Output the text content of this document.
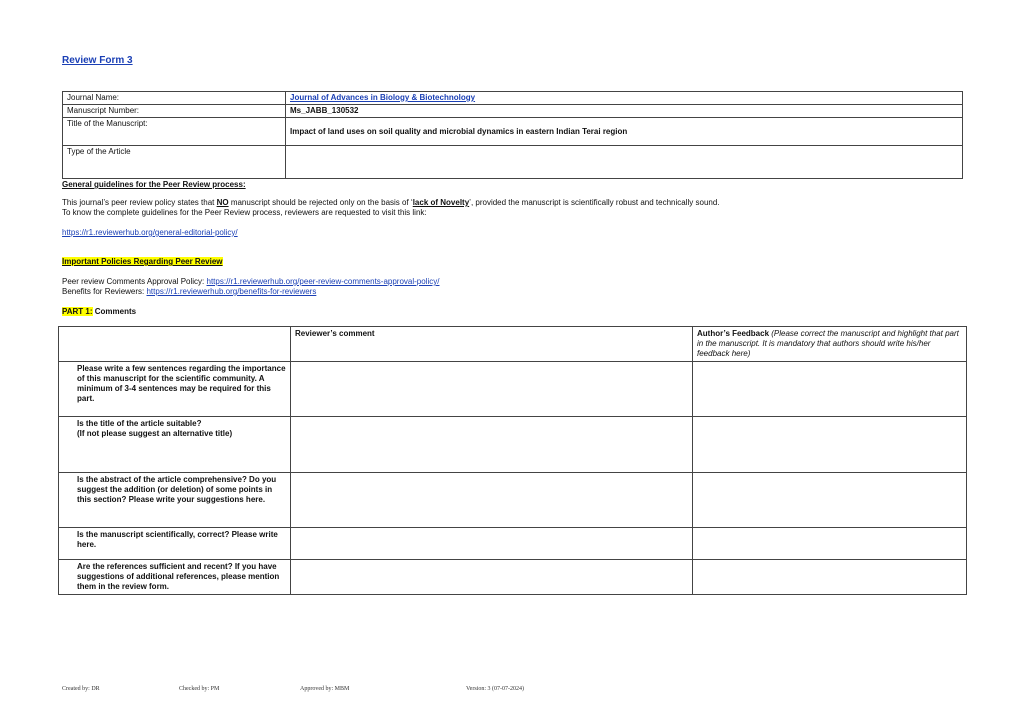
Review Form 3
Journal Name:	Journal of Advances in Biology & Biotechnology
Manuscript Number:	Ms_JABB_130532
Title of the Manuscript:	Impact of land uses on soil quality and microbial dynamics in eastern Indian Terai region
Type of the Article	
General guidelines for the Peer Review process:
This journal’s peer review policy states that NO manuscript should be rejected only on the basis of ‘lack of Novelty’, provided the manuscript is scientifically robust and technically sound.
To know the complete guidelines for the Peer Review process, reviewers are requested to visit this link:
https://r1.reviewerhub.org/general-editorial-policy/
Important Policies Regarding Peer Review
Peer review Comments Approval Policy: https://r1.reviewerhub.org/peer-review-comments-approval-policy/
Benefits for Reviewers: https://r1.reviewerhub.org/benefits-for-reviewers
PART 1: Comments
	Reviewer’s comment	Author’s Feedback (Please correct the manuscript and highlight that part in the manuscript. It is mandatory that authors should write his/her feedback here)
Please write a few sentences regarding the importance of this manuscript for the scientific community. A minimum of 3-4 sentences may be required for this part.		
Is the title of the article suitable?
(If not please suggest an alternative title)		
Is the abstract of the article comprehensive? Do you suggest the addition (or deletion) of some points in this section? Please write your suggestions here.		
Is the manuscript scientifically, correct? Please write here.		
Are the references sufficient and recent? If you have suggestions of additional references, please mention them in the review form.		
Created by: DR	Checked by: PM	Approved by: MBM	Version: 3 (07-07-2024)
